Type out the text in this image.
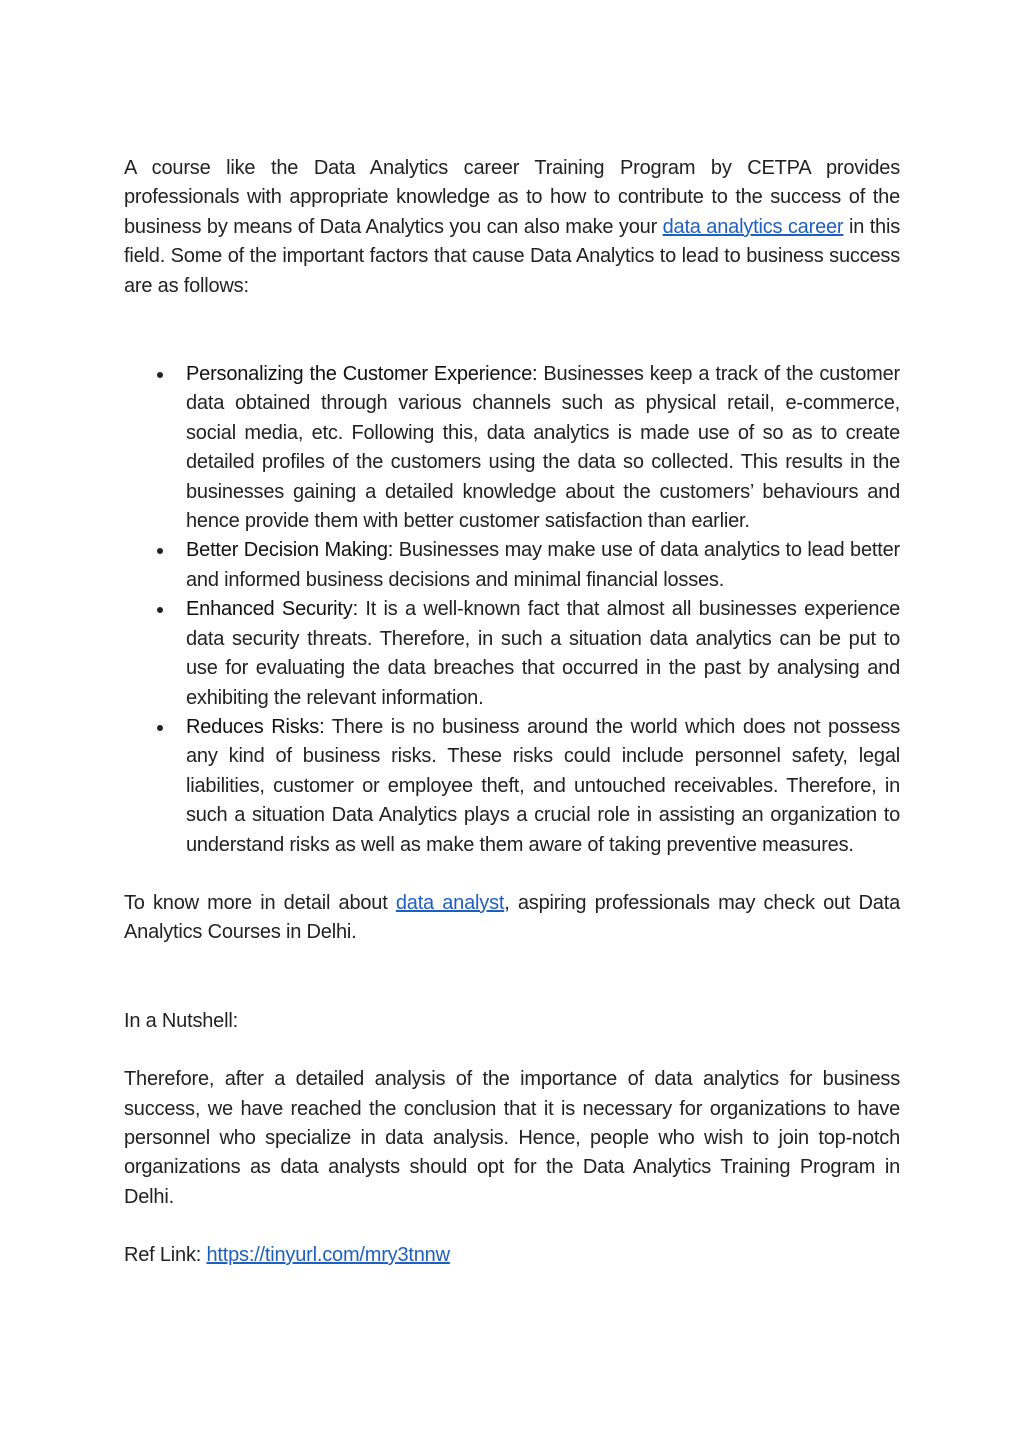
A course like the Data Analytics career Training Program by CETPA provides professionals with appropriate knowledge as to how to contribute to the success of the business by means of Data Analytics you can also make your data analytics career in this field. Some of the important factors that cause Data Analytics to lead to business success are as follows:

Personalizing the Customer Experience: Businesses keep a track of the customer data obtained through various channels such as physical retail, e-commerce, social media, etc. Following this, data analytics is made use of so as to create detailed profiles of the customers using the data so collected. This results in the businesses gaining a detailed knowledge about the customers’ behaviours and hence provide them with better customer satisfaction than earlier.
Better Decision Making: Businesses may make use of data analytics to lead better and informed business decisions and minimal financial losses.
Enhanced Security: It is a well-known fact that almost all businesses experience data security threats. Therefore, in such a situation data analytics can be put to use for evaluating the data breaches that occurred in the past by analysing and exhibiting the relevant information.
Reduces Risks: There is no business around the world which does not possess any kind of business risks. These risks could include personnel safety, legal liabilities, customer or employee theft, and untouched receivables. Therefore, in such a situation Data Analytics plays a crucial role in assisting an organization to understand risks as well as make them aware of taking preventive measures.

To know more in detail about data analyst, aspiring professionals may check out Data Analytics Courses in Delhi.

In a Nutshell:

Therefore, after a detailed analysis of the importance of data analytics for business success, we have reached the conclusion that it is necessary for organizations to have personnel who specialize in data analysis. Hence, people who wish to join top-notch organizations as data analysts should opt for the Data Analytics Training Program in Delhi.

Ref Link: https://tinyurl.com/mry3tnnw
